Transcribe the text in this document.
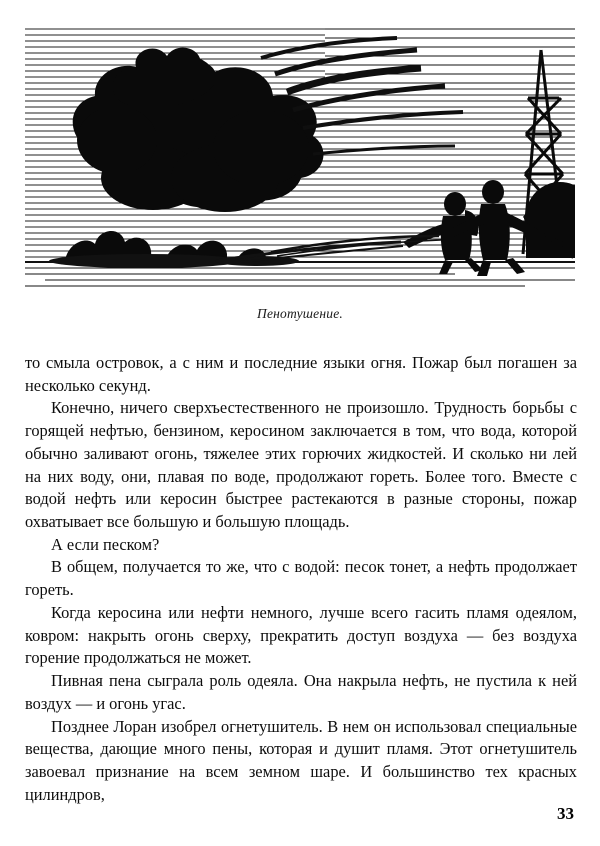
Пенотушение.

то смыла островок, а с ним и последние языки огня. Пожар был погашен за несколько секунд.

Конечно, ничего сверхъестественного не произошло. Трудность борьбы с горящей нефтью, бензином, керосином заключается в том, что вода, которой обычно заливают огонь, тяжелее этих горючих жидкостей. И сколько ни лей на них воду, они, плавая по воде, продолжают гореть. Более того. Вместе с водой нефть или керосин быстрее растекаются в разные стороны, пожар охватывает все большую и большую площадь.

А если песком?

В общем, получается то же, что с водой: песок тонет, а нефть продолжает гореть.

Когда керосина или нефти немного, лучше всего гасить пламя одеялом, ковром: накрыть огонь сверху, прекратить доступ воздуха — без воздуха горение продолжаться не может.

Пивная пена сыграла роль одеяла. Она накрыла нефть, не пустила к ней воздух — и огонь угас.

Позднее Лоран изобрел огнетушитель. В нем он использовал специальные вещества, дающие много пены, которая и душит пламя. Этот огнетушитель завоевал признание на всем земном шаре. И большинство тех красных цилиндров,

33
